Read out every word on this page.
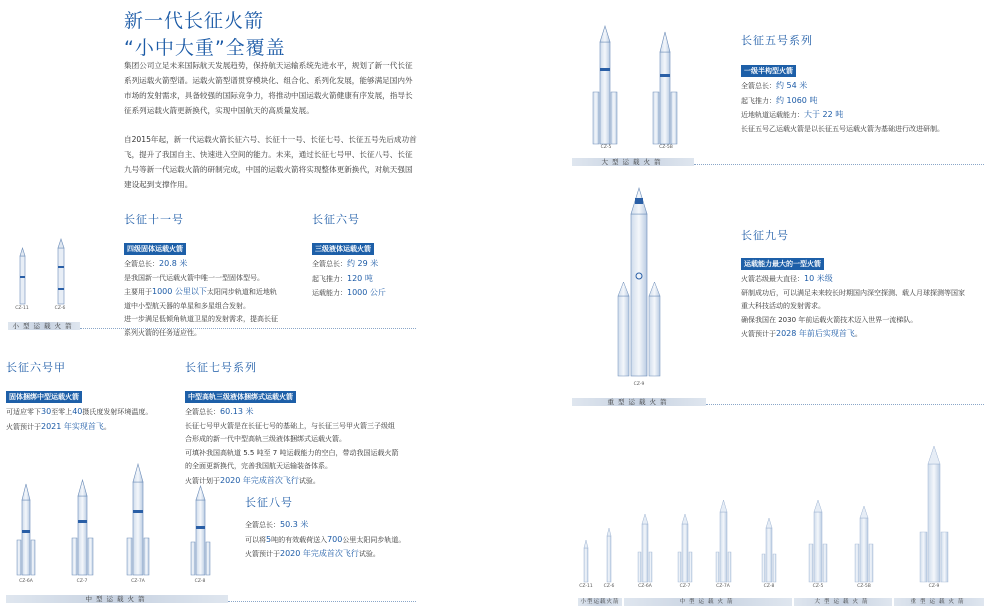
新一代长征火箭
“小中大重”全覆盖
集团公司立足未来国际航天发展趋势，保持航天运输系统先进水平，规划了新一代长征系列运载火箭型谱。运载火箭型谱贯穿模块化、组合化、系列化发展，能够满足国内外市场的发射需求，具备较强的国际竞争力，将推动中国运载火箭健康有序发展，指导长征系列运载火箭更新换代，实现中国航天的高质量发展。
自2015年起，新一代运载火箭长征六号、长征十一号、长征七号、长征五号先后成功首飞，提升了我国自主、快速进入空间的能力。未来，通过长征七号甲、长征八号、长征九号等新一代运载火箭的研制完成，中国的运载火箭将实现整体更新换代，对航天强国建设起到支撑作用。
长征十一号
四级固体运载火箭
全箭总长：20.8 米
是我国新一代运载火箭中唯一一型固体型号。
主要用于1000 公里以下太阳同步轨道和近地轨
道中小型航天器的单星和多星组合发射。
进一步满足低倾角轨道卫星的发射需求，提高长征
系列火箭的任务适应性。
长征六号
三级液体运载火箭
全箭总长：约 29 米
起飞推力：120 吨
运载能力：1000 公斤
CZ-11	CZ-6
小型运载火箭
长征六号甲
固体捆绑中型运载火箭
可适应零下30至零上40摄氏度发射环境温度。
火箭预计于2021 年实现首飞。
长征七号系列
中型高轨三级液体捆绑式运载火箭
全箭总长：60.13 米
长征七号甲火箭是在长征七号的基础上，与长征三号甲火箭三子级组
合形成的新一代中型高轨三级液体捆绑式运载火箭。
可填补我国高轨道 5.5 吨至 7 吨运载能力的空白，带动我国运载火箭
的全面更新换代，完善我国航天运输装备体系。
火箭计划于2020 年完成首次飞行试验。
长征八号
全箭总长：50.3 米
可以将5吨的有效载荷送入700公里太阳同步轨道。
火箭预计于2020 年完成首次飞行试验。
CZ-6A	CZ-7	CZ-7A	CZ-8
中型运载火箭
CZ-5	CZ-5B
大型运载火箭
长征五号系列
一级半构型火箭
全箭总长：约 54 米
起飞推力：约 1060 吨
近地轨道运载能力：大于 22 吨
长征五号乙运载火箭是以长征五号运载火箭为基础进行改进研制。
CZ-9
重型运载火箭
长征九号
运载能力最大的一型火箭
火箭芯级最大直径：10 米级
研制成功后，可以满足未来较长时期国内深空探测、载人月球探测等国家
重大科技活动的发射需求。
确保我国在 2030 年前运载火箭技术迈入世界一流梯队。
火箭预计于2028 年前后实现首飞。
CZ-11	CZ-6	CZ-6A	CZ-7	CZ-7A	CZ-8	CZ-5	CZ-5B	CZ-9
小型运载火箭	中型运载火箭	大型运载火箭	重型运载火箭
